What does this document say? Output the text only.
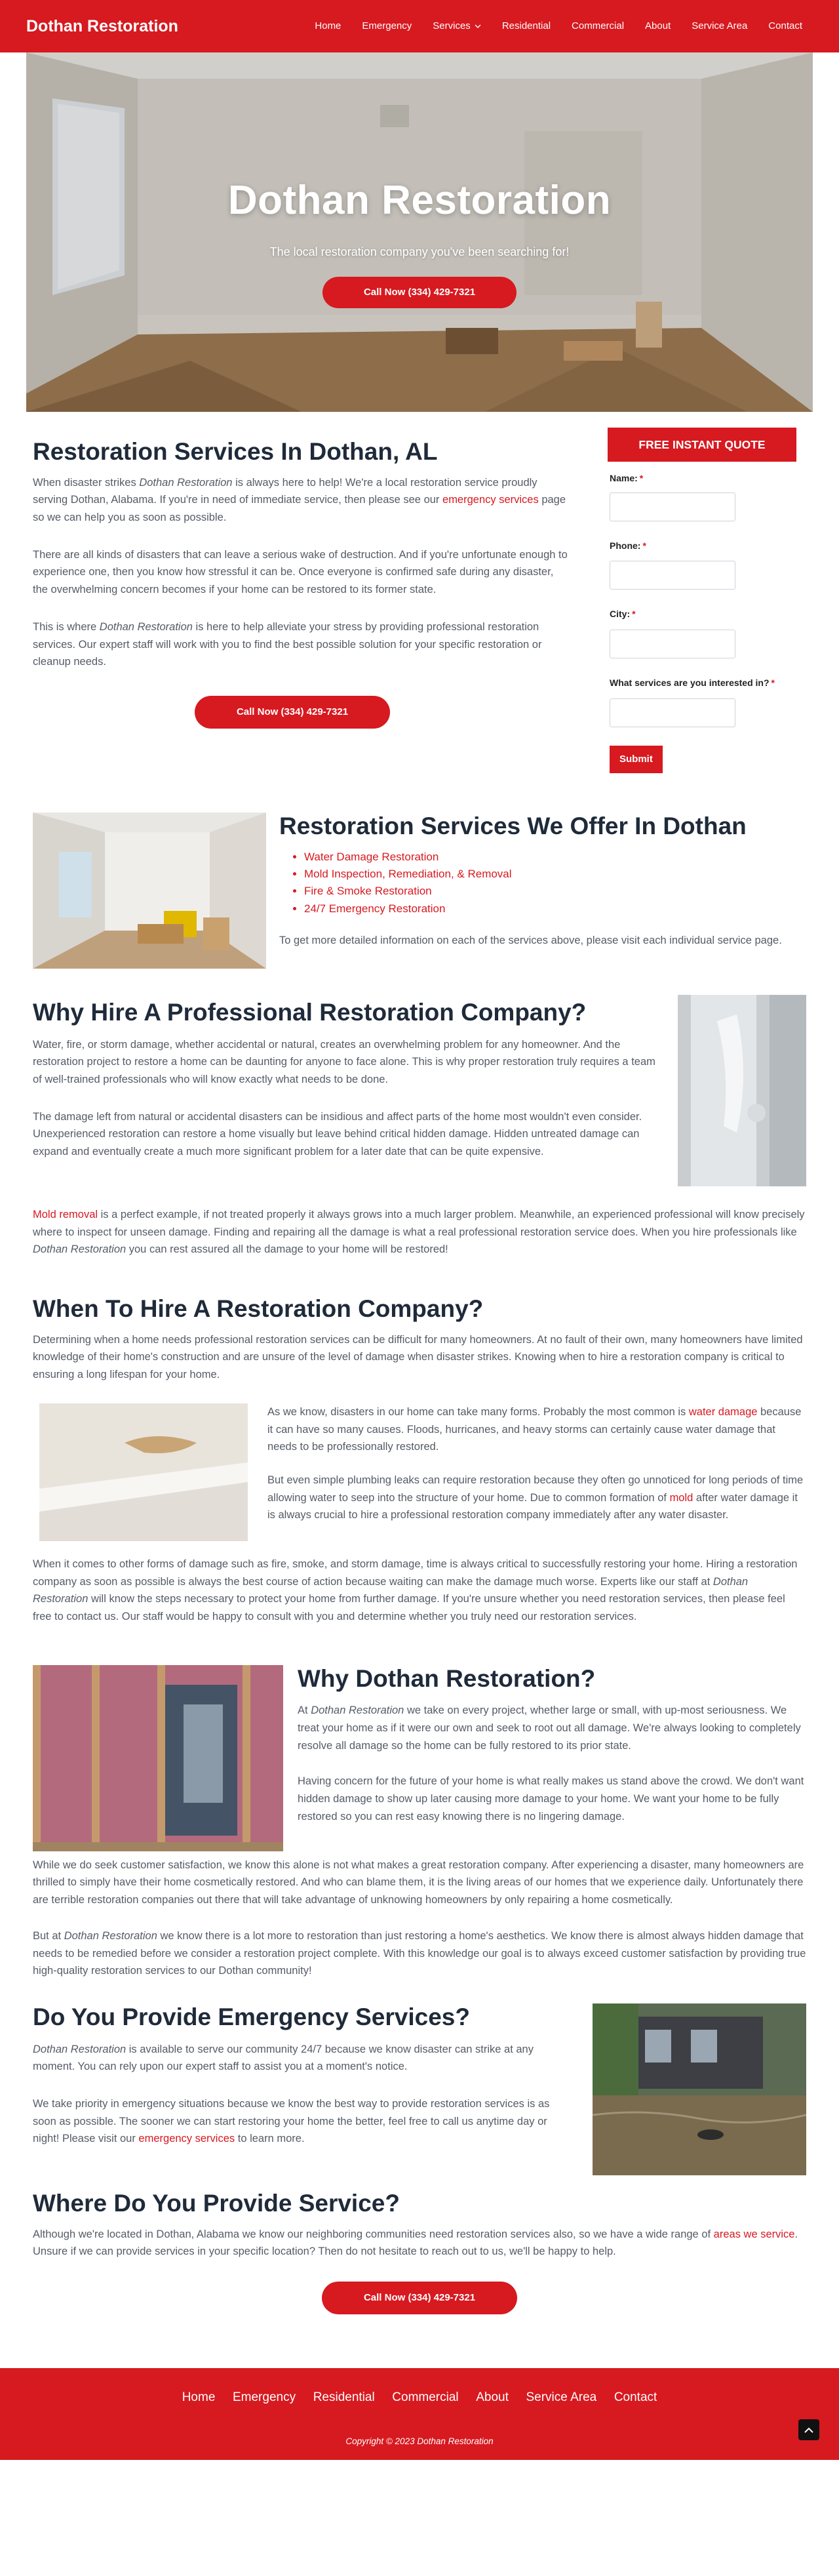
Dothan Restoration	Home	Emergency	Services	Residential	Commercial	About	Service Area	Contact
Dothan Restoration

The local restoration company you've been searching for!

Call Now (334) 429-7321
Restoration Services In Dothan, AL

When disaster strikes Dothan Restoration is always here to help! We're a local restoration service proudly serving Dothan, Alabama. If you're in need of immediate service, then please see our emergency services page so we can help you as soon as possible.

There are all kinds of disasters that can leave a serious wake of destruction. And if you're unfortunate enough to experience one, then you know how stressful it can be. Once everyone is confirmed safe during any disaster, the overwhelming concern becomes if your home can be restored to its former state.

This is where Dothan Restoration is here to help alleviate your stress by providing professional restoration services. Our expert staff will work with you to find the best possible solution for your specific restoration or cleanup needs.

Call Now (334) 429-7321
FREE INSTANT QUOTE
Name: *
Phone: *
City: *
What services are you interested in? *
Submit
Restoration Services We Offer In Dothan
• Water Damage Restoration
• Mold Inspection, Remediation, & Removal
• Fire & Smoke Restoration
• 24/7 Emergency Restoration

To get more detailed information on each of the services above, please visit each individual service page.

Why Hire A Professional Restoration Company?

Water, fire, or storm damage, whether accidental or natural, creates an overwhelming problem for any homeowner. And the restoration project to restore a home can be daunting for anyone to face alone. This is why proper restoration truly requires a team of well-trained professionals who will know exactly what needs to be done.

The damage left from natural or accidental disasters can be insidious and affect parts of the home most wouldn't even consider. Unexperienced restoration can restore a home visually but leave behind critical hidden damage. Hidden untreated damage can expand and eventually create a much more significant problem for a later date that can be quite expensive.

Mold removal is a perfect example, if not treated properly it always grows into a much larger problem. Meanwhile, an experienced professional will know precisely where to inspect for unseen damage. Finding and repairing all the damage is what a real professional restoration service does. When you hire professionals like Dothan Restoration you can rest assured all the damage to your home will be restored!

When To Hire A Restoration Company?

Determining when a home needs professional restoration services can be difficult for many homeowners. At no fault of their own, many homeowners have limited knowledge of their home's construction and are unsure of the level of damage when disaster strikes. Knowing when to hire a restoration company is critical to ensuring a long lifespan for your home.

As we know, disasters in our home can take many forms. Probably the most common is water damage because it can have so many causes. Floods, hurricanes, and heavy storms can certainly cause water damage that needs to be professionally restored.

But even simple plumbing leaks can require restoration because they often go unnoticed for long periods of time allowing water to seep into the structure of your home. Due to common formation of mold after water damage it is always crucial to hire a professional restoration company immediately after any water disaster.

When it comes to other forms of damage such as fire, smoke, and storm damage, time is always critical to successfully restoring your home. Hiring a restoration company as soon as possible is always the best course of action because waiting can make the damage much worse. Experts like our staff at Dothan Restoration will know the steps necessary to protect your home from further damage. If you're unsure whether you need restoration services, then please feel free to contact us. Our staff would be happy to consult with you and determine whether you truly need our restoration services.

Why Dothan Restoration?

At Dothan Restoration we take on every project, whether large or small, with up-most seriousness. We treat your home as if it were our own and seek to root out all damage. We're always looking to completely resolve all damage so the home can be fully restored to its prior state.

Having concern for the future of your home is what really makes us stand above the crowd. We don't want hidden damage to show up later causing more damage to your home. We want your home to be fully restored so you can rest easy knowing there is no lingering damage.

While we do seek customer satisfaction, we know this alone is not what makes a great restoration company. After experiencing a disaster, many homeowners are thrilled to simply have their home cosmetically restored. And who can blame them, it is the living areas of our homes that we experience daily. Unfortunately there are terrible restoration companies out there that will take advantage of unknowing homeowners by only repairing a home cosmetically.

But at Dothan Restoration we know there is a lot more to restoration than just restoring a home's aesthetics. We know there is almost always hidden damage that needs to be remedied before we consider a restoration project complete. With this knowledge our goal is to always exceed customer satisfaction by providing true high-quality restoration services to our Dothan community!

Do You Provide Emergency Services?

Dothan Restoration is available to serve our community 24/7 because we know disaster can strike at any moment. You can rely upon our expert staff to assist you at a moment's notice.

We take priority in emergency situations because we know the best way to provide restoration services is as soon as possible. The sooner we can start restoring your home the better, feel free to call us anytime day or night! Please visit our emergency services to learn more.

Where Do You Provide Service?

Although we're located in Dothan, Alabama we know our neighboring communities need restoration services also, so we have a wide range of areas we service. Unsure if we can provide services in your specific location? Then do not hesitate to reach out to us, we'll be happy to help.

Call Now (334) 429-7321
Home Emergency Residential Commercial About Service Area Contact
Copyright © 2023 Dothan Restoration
